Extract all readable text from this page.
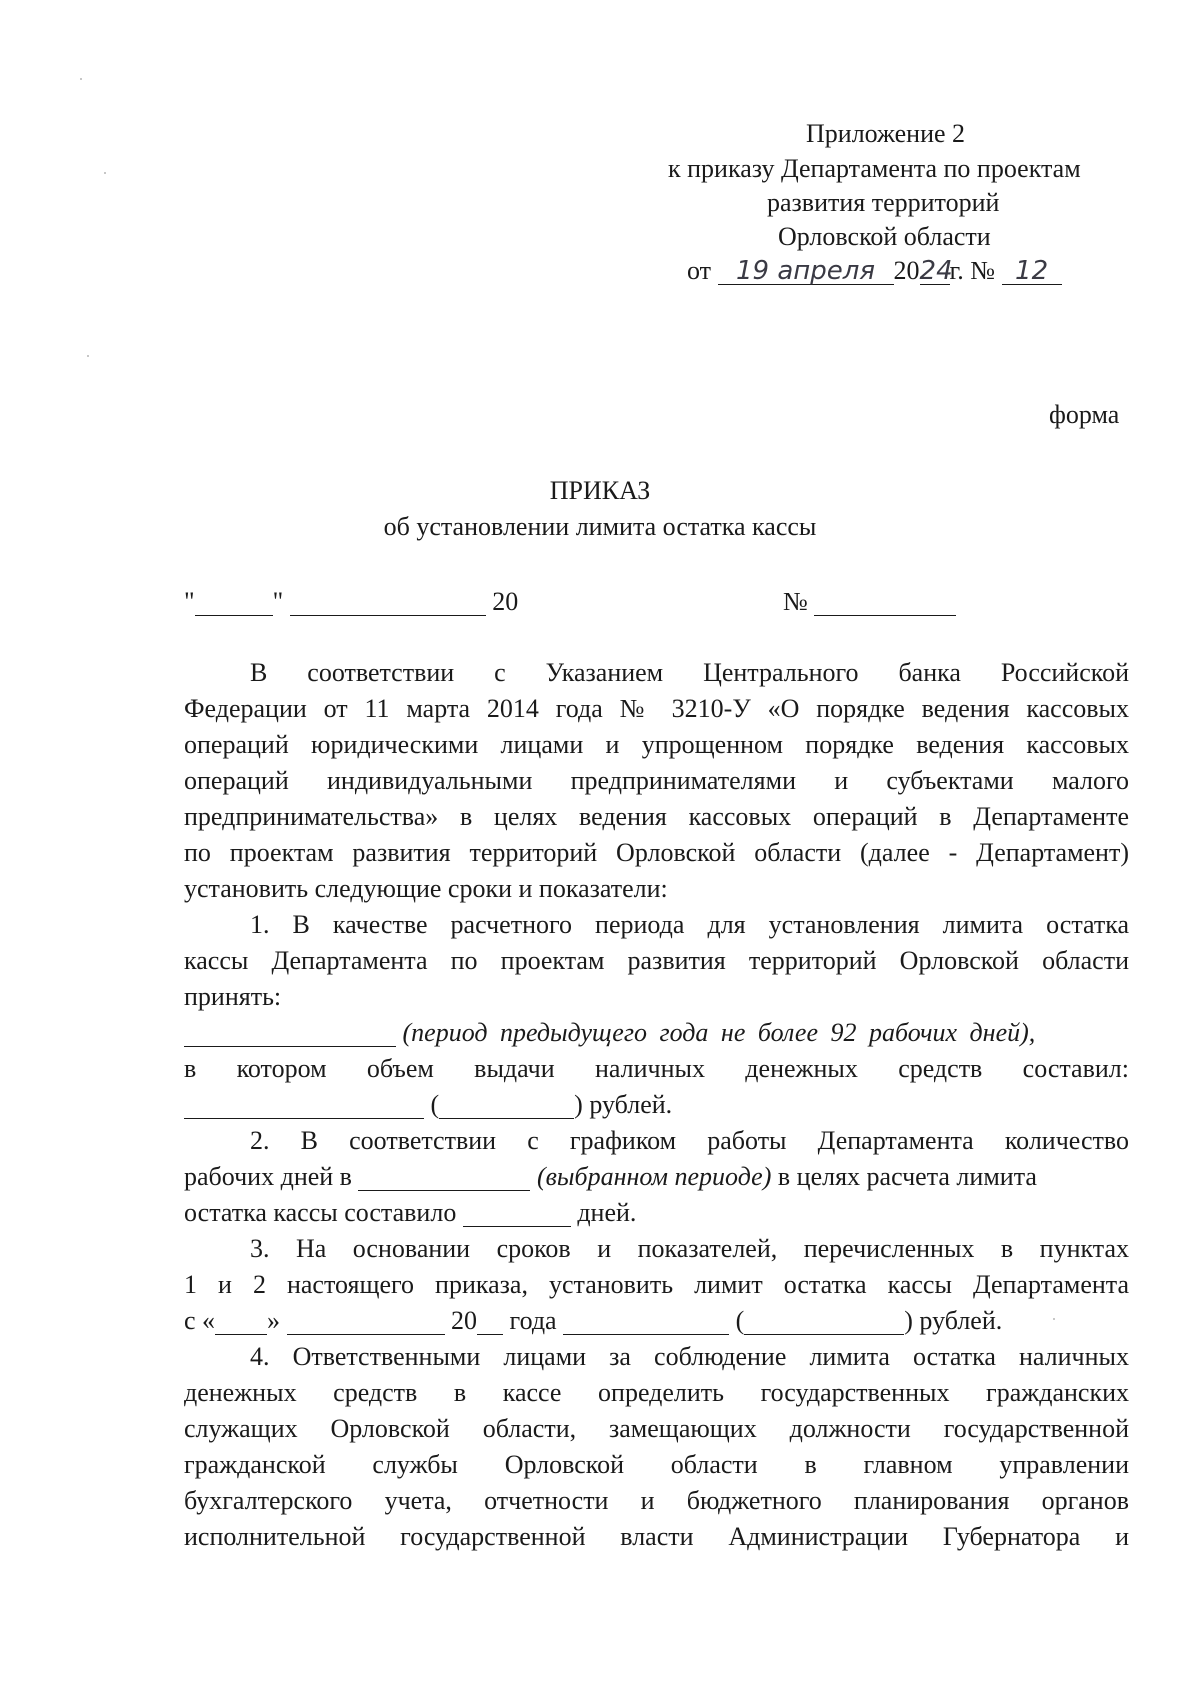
Приложение 2
к приказу Департамента по проектам
развития территорий
Орловской области
от 19 апреля 2024г. № 12
форма
ПРИКАЗ
об установлении лимита остатка кассы
"	"	20	№
В соответствии с Указанием Центрального банка Российской
Федерации от 11 марта 2014 года № 3210-У «О порядке ведения кассовых
операций юридическими лицами и упрощенном порядке ведения кассовых
операций индивидуальными предпринимателями и субъектами малого
предпринимательства» в целях ведения кассовых операций в Департаменте
по проектам развития территорий Орловской области (далее - Департамент)
установить следующие сроки и показатели:
1. В качестве расчетного периода для установления лимита остатка
кассы Департамента по проектам развития территорий Орловской области
принять:
(период предыдущего года не более 92 рабочих дней),
в котором объем выдачи наличных денежных средств составил:
(	) рублей.
2. В соответствии с графиком работы Департамента количество
рабочих дней в	(выбранном периоде) в целях расчета лимита
остатка кассы составило	дней.
3. На основании сроков и показателей, перечисленных в пунктах
1 и 2 настоящего приказа, установить лимит остатка кассы Департамента
с « »	20 года	(	) рублей.
4. Ответственными лицами за соблюдение лимита остатка наличных
денежных средств в кассе определить государственных гражданских
служащих Орловской области, замещающих должности государственной
гражданской службы Орловской области в главном управлении
бухгалтерского учета, отчетности и бюджетного планирования органов
исполнительной государственной власти Администрации Губернатора и
